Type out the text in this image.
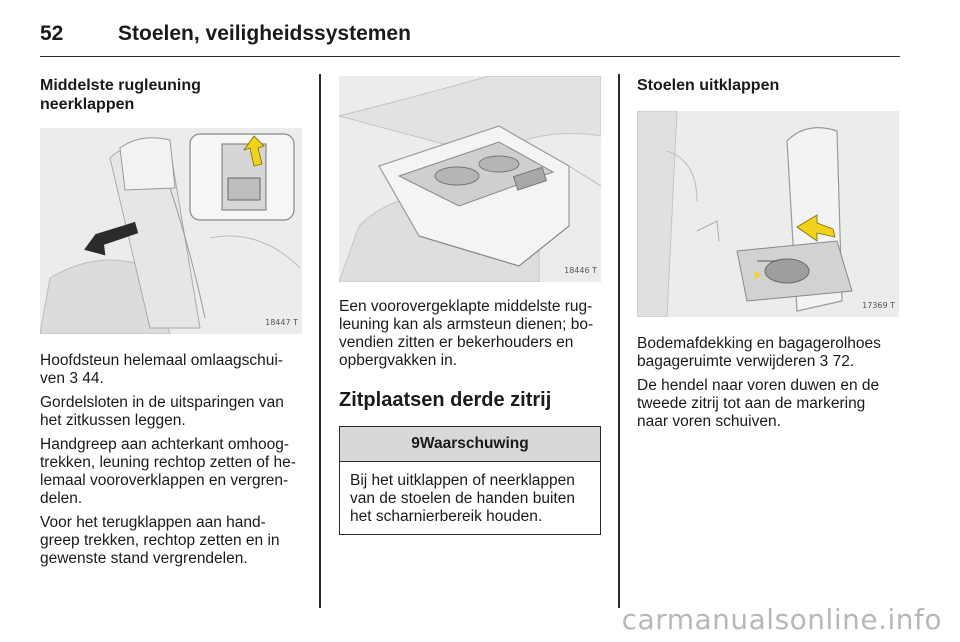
52	Stoelen, veiligheidssystemen
Middelste rugleuning
neerklappen
18447 T

Hoofdsteun helemaal omlaagschui-
ven 3 44.

Gordelsloten in de uitsparingen van
het zitkussen leggen.

Handgreep aan achterkant omhoog-
trekken, leuning rechtop zetten of he-
lemaal vooroverklappen en vergren-
delen.

Voor het terugklappen aan hand-
greep trekken, rechtop zetten en in
gewenste stand vergrendelen.

18446 T

Een voorovergeklapte middelste rug-
leuning kan als armsteun dienen; bo-
vendien zitten er bekerhouders en
opbergvakken in.

Zitplaatsen derde zitrij
9Waarschuwing
Bij het uitklappen of neerklappen
van de stoelen de handen buiten
het scharnierbereik houden.
Stoelen uitklappen
17369 T

Bodemafdekking en bagagerolhoes
bagageruimte verwijderen 3 72.

De hendel naar voren duwen en de
tweede zitrij tot aan de markering
naar voren schuiven.

carmanualsonline.info
